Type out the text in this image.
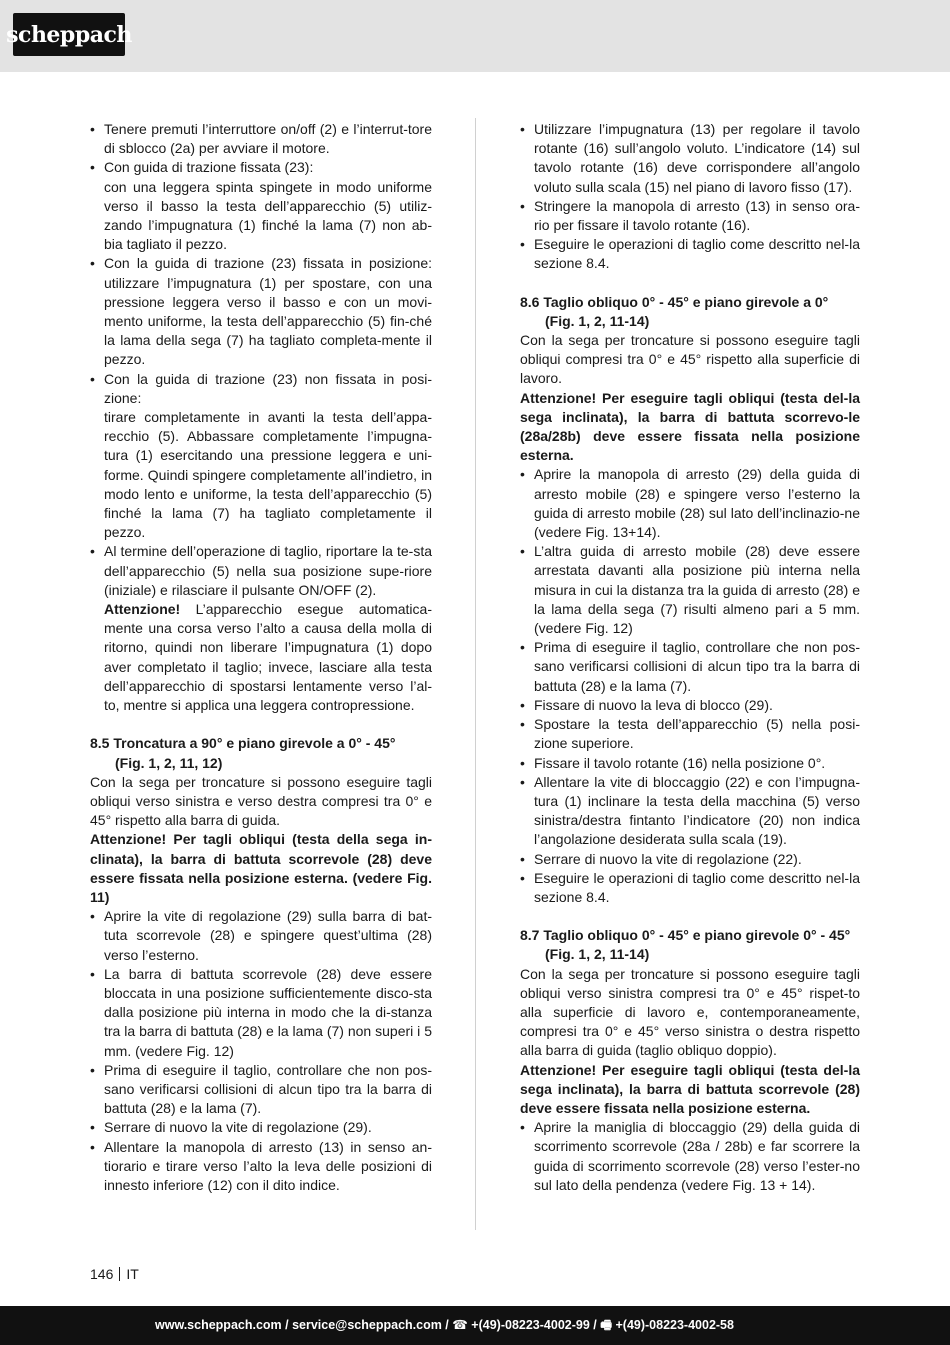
scheppach

• Tenere premuti l’interruttore on/off (2) e l’interrut-tore di sblocco (2a) per avviare il motore.

• Con guida di trazione fissata (23):

con una leggera spinta spingete in modo uniforme verso il basso la testa dell’apparecchio (5) utiliz-zando l’impugnatura (1) finché la lama (7) non ab-bia tagliato il pezzo.

• Con la guida di trazione (23) fissata in posizione: utilizzare l’impugnatura (1) per spostare, con una pressione leggera verso il basso e con un movi-mento uniforme, la testa dell’apparecchio (5) fin-ché la lama della sega (7) ha tagliato completa-mente il pezzo.

• Con la guida di trazione (23) non fissata in posi-zione:

tirare completamente in avanti la testa dell’appa-recchio (5). Abbassare completamente l’impugna-tura (1) esercitando una pressione leggera e uni-forme. Quindi spingere completamente all’indietro, in modo lento e uniforme, la testa dell’apparecchio (5) finché la lama (7) ha tagliato completamente il pezzo.

• Al termine dell’operazione di taglio, riportare la te-sta dell’apparecchio (5) nella sua posizione supe-riore (iniziale) e rilasciare il pulsante ON/OFF (2).

Attenzione! L’apparecchio esegue automatica-mente una corsa verso l’alto a causa della molla di ritorno, quindi non liberare l’impugnatura (1) dopo aver completato il taglio; invece, lasciare alla testa dell’apparecchio di spostarsi lentamente verso l’al-to, mentre si applica una leggera contropressione.

8.5 Troncatura a 90° e piano girevole a 0° - 45°
(Fig. 1, 2, 11, 12)

Con la sega per troncature si possono eseguire tagli obliqui verso sinistra e verso destra compresi tra 0° e 45° rispetto alla barra di guida.

Attenzione! Per tagli obliqui (testa della sega in-clinata), la barra di battuta scorrevole (28) deve essere fissata nella posizione esterna. (vedere Fig. 11)

• Aprire la vite di regolazione (29) sulla barra di bat-tuta scorrevole (28) e spingere quest’ultima (28) verso l’esterno.

• La barra di battuta scorrevole (28) deve essere bloccata in una posizione sufficientemente disco-sta dalla posizione più interna in modo che la di-stanza tra la barra di battuta (28) e la lama (7) non superi i 5 mm. (vedere Fig. 12)

• Prima di eseguire il taglio, controllare che non pos-sano verificarsi collisioni di alcun tipo tra la barra di battuta (28) e la lama (7).

• Serrare di nuovo la vite di regolazione (29).

• Allentare la manopola di arresto (13) in senso an-tiorario e tirare verso l’alto la leva delle posizioni di innesto inferiore (12) con il dito indice.

• Utilizzare l’impugnatura (13) per regolare il tavolo rotante (16) sull’angolo voluto. L’indicatore (14) sul tavolo rotante (16) deve corrispondere all’angolo voluto sulla scala (15) nel piano di lavoro fisso (17).

• Stringere la manopola di arresto (13) in senso ora-rio per fissare il tavolo rotante (16).

• Eseguire le operazioni di taglio come descritto nel-la sezione 8.4.

8.6 Taglio obliquo 0° - 45° e piano girevole a 0°
(Fig. 1, 2, 11-14)

Con la sega per troncature si possono eseguire tagli obliqui compresi tra 0° e 45° rispetto alla superficie di lavoro.

Attenzione! Per eseguire tagli obliqui (testa del-la sega inclinata), la barra di battuta scorrevo-le (28a/28b) deve essere fissata nella posizione esterna.

• Aprire la manopola di arresto (29) della guida di arresto mobile (28) e spingere verso l’esterno la guida di arresto mobile (28) sul lato dell’inclinazio-ne (vedere Fig. 13+14).

• L’altra guida di arresto mobile (28) deve essere arrestata davanti alla posizione più interna nella misura in cui la distanza tra la guida di arresto (28) e la lama della sega (7) risulti almeno pari a 5 mm. (vedere Fig. 12)

• Prima di eseguire il taglio, controllare che non pos-sano verificarsi collisioni di alcun tipo tra la barra di battuta (28) e la lama (7).

• Fissare di nuovo la leva di blocco (29).

• Spostare la testa dell’apparecchio (5) nella posi-zione superiore.

• Fissare il tavolo rotante (16) nella posizione 0°.

• Allentare la vite di bloccaggio (22) e con l’impugna-tura (1) inclinare la testa della macchina (5) verso sinistra/destra fintanto l’indicatore (20) non indica l’angolazione desiderata sulla scala (19).

• Serrare di nuovo la vite di regolazione (22).

• Eseguire le operazioni di taglio come descritto nel-la sezione 8.4.

8.7 Taglio obliquo 0° - 45° e piano girevole 0° - 45°
(Fig. 1, 2, 11-14)

Con la sega per troncature si possono eseguire tagli obliqui verso sinistra compresi tra 0° e 45° rispet-to alla superficie di lavoro e, contemporaneamente, compresi tra 0° e 45° verso sinistra o destra rispetto alla barra di guida (taglio obliquo doppio).

Attenzione! Per eseguire tagli obliqui (testa del-la sega inclinata), la barra di battuta scorrevole (28) deve essere fissata nella posizione esterna.

• Aprire la maniglia di bloccaggio (29) della guida di scorrimento scorrevole (28a / 28b) e far scorrere la guida di scorrimento scorrevole (28) verso l’ester-no sul lato della pendenza (vedere Fig. 13 + 14).

146 IT
www.scheppach.com / service@scheppach.com / ☎ +(49)-08223-4002-99 / 🖷 +(49)-08223-4002-58
